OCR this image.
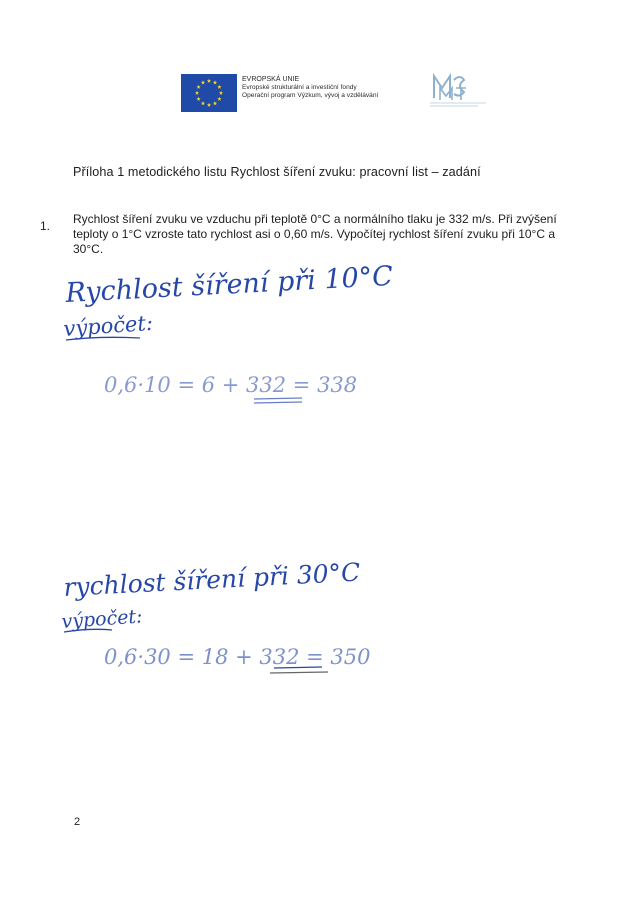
EVROPSKÁ UNIE
Evropské strukturální a investiční fondy
Operační program Výzkum, vývoj a vzdělávání
Příloha 1 metodického listu Rychlost šíření zvuku: pracovní list – zadání
1. Rychlost šíření zvuku ve vzduchu při teplotě 0°C a normálního tlaku je 332 m/s. Při zvýšení
teploty o 1°C vzroste tato rychlost asi o 0,60 m/s. Vypočítej rychlost šíření zvuku při 10°C a
30°C.
2
Rychlost šíření při 10°C
výpočet:
0,6·10 = 6 + 332 = 338
rychlost šíření při 30°C
výpočet:
0,6·30 = 18 + 332 = 350
